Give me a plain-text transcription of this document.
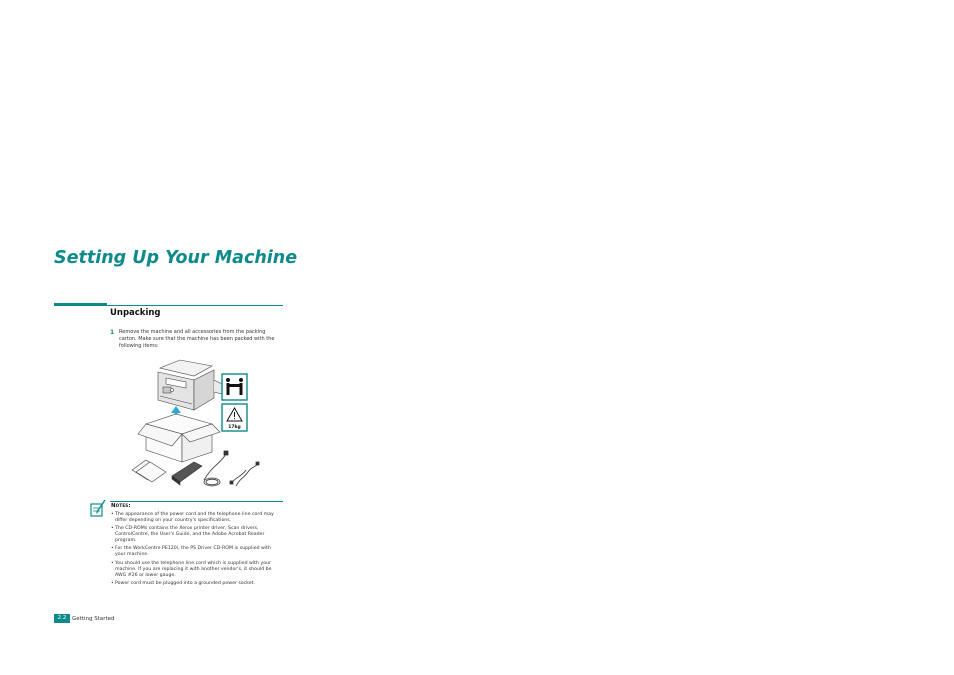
Setting Up Your Machine
Unpacking
1 Remove the machine and all accessories from the packing carton. Make sure that the machine has been packed with the following items:

17kg
Notes:
• The appearance of the power cord and the telephone line cord may differ depending on your country's specifications.
• The CD-ROMs contains the Xerox printer driver, Scan drivers, ControlCentre, the User's Guide, and the Adobe Acrobat Reader program.
• For the WorkCentre PE120i, the PS Driver CD-ROM is supplied with your machine.
• You should use the telephone line cord which is supplied with your machine. If you are replacing it with another vendor's, it should be AWG #26 or lower gauge.
• Power cord must be plugged into a grounded power socket.
2.2	Getting Started
